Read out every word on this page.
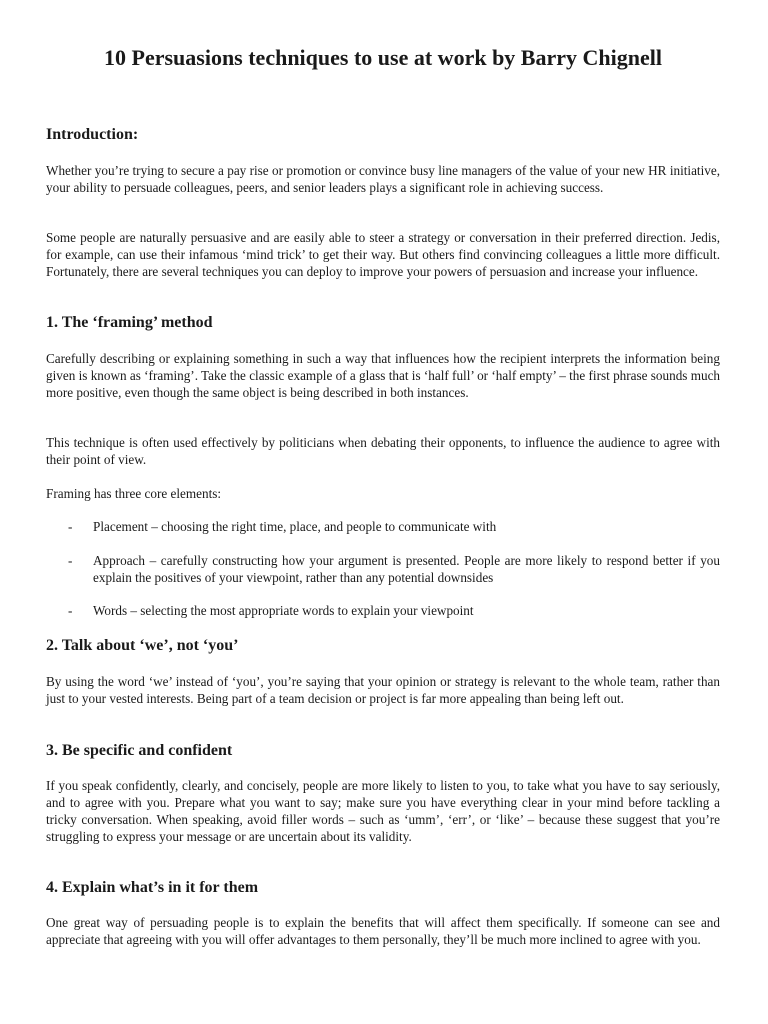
10 Persuasions techniques to use at work by Barry Chignell
Introduction:

Whether you’re trying to secure a pay rise or promotion or convince busy line managers of the value of your new HR initiative, your ability to persuade colleagues, peers, and senior leaders plays a significant role in achieving success.

Some people are naturally persuasive and are easily able to steer a strategy or conversation in their preferred direction. Jedis, for example, can use their infamous ‘mind trick’ to get their way. But others find convincing colleagues a little more difficult. Fortunately, there are several techniques you can deploy to improve your powers of persuasion and increase your influence.

1. The ‘framing’ method

Carefully describing or explaining something in such a way that influences how the recipient interprets the information being given is known as ‘framing’. Take the classic example of a glass that is ‘half full’ or ‘half empty’ – the first phrase sounds much more positive, even though the same object is being described in both instances.

This technique is often used effectively by politicians when debating their opponents, to influence the audience to agree with their point of view.

Framing has three core elements:

- Placement – choosing the right time, place, and people to communicate with
- Approach – carefully constructing how your argument is presented. People are more likely to respond better if you explain the positives of your viewpoint, rather than any potential downsides
- Words – selecting the most appropriate words to explain your viewpoint
2. Talk about ‘we’, not ‘you’

By using the word ‘we’ instead of ‘you’, you’re saying that your opinion or strategy is relevant to the whole team, rather than just to your vested interests. Being part of a team decision or project is far more appealing than being left out.

3. Be specific and confident

If you speak confidently, clearly, and concisely, people are more likely to listen to you, to take what you have to say seriously, and to agree with you. Prepare what you want to say; make sure you have everything clear in your mind before tackling a tricky conversation. When speaking, avoid filler words – such as ‘umm’, ‘err’, or ‘like’ – because these suggest that you’re struggling to express your message or are uncertain about its validity.

4. Explain what’s in it for them

One great way of persuading people is to explain the benefits that will affect them specifically. If someone can see and appreciate that agreeing with you will offer advantages to them personally, they’ll be much more inclined to agree with you.
